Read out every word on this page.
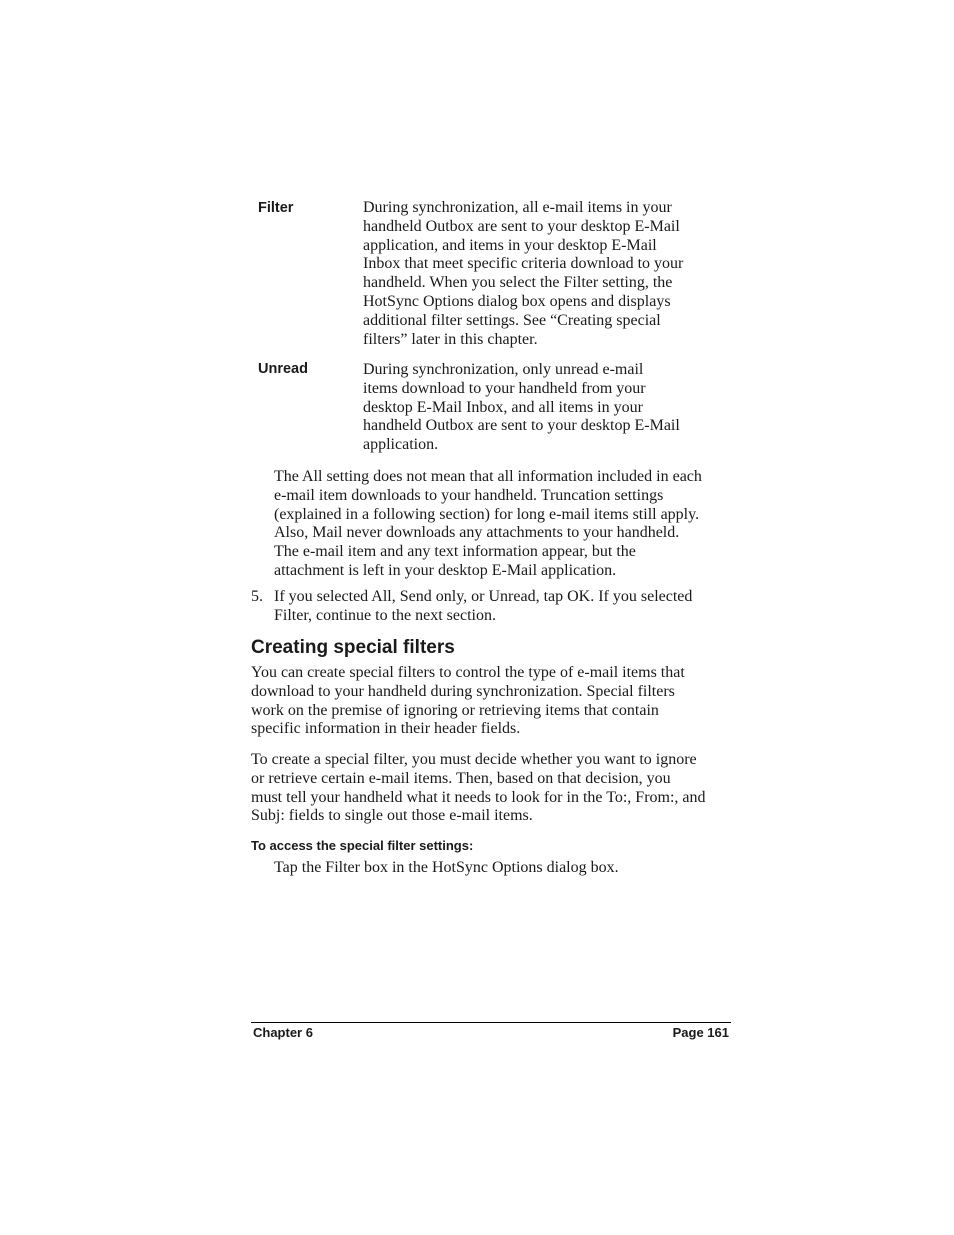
Filter	During synchronization, all e-mail items in your
handheld Outbox are sent to your desktop E-Mail
application, and items in your desktop E-Mail
Inbox that meet specific criteria download to your
handheld. When you select the Filter setting, the
HotSync Options dialog box opens and displays
additional filter settings. See “Creating special
filters” later in this chapter.
Unread	During synchronization, only unread e-mail
items download to your handheld from your
desktop E-Mail Inbox, and all items in your
handheld Outbox are sent to your desktop E-Mail
application.
The All setting does not mean that all information included in each
e-mail item downloads to your handheld. Truncation settings
(explained in a following section) for long e-mail items still apply.
Also, Mail never downloads any attachments to your handheld.
The e-mail item and any text information appear, but the
attachment is left in your desktop E-Mail application.
5. If you selected All, Send only, or Unread, tap OK. If you selected
Filter, continue to the next section.
Creating special filters
You can create special filters to control the type of e-mail items that
download to your handheld during synchronization. Special filters
work on the premise of ignoring or retrieving items that contain
specific information in their header fields.
To create a special filter, you must decide whether you want to ignore
or retrieve certain e-mail items. Then, based on that decision, you
must tell your handheld what it needs to look for in the To:, From:, and
Subj: fields to single out those e-mail items.
To access the special filter settings:
Tap the Filter box in the HotSync Options dialog box.
Chapter 6	Page 161
